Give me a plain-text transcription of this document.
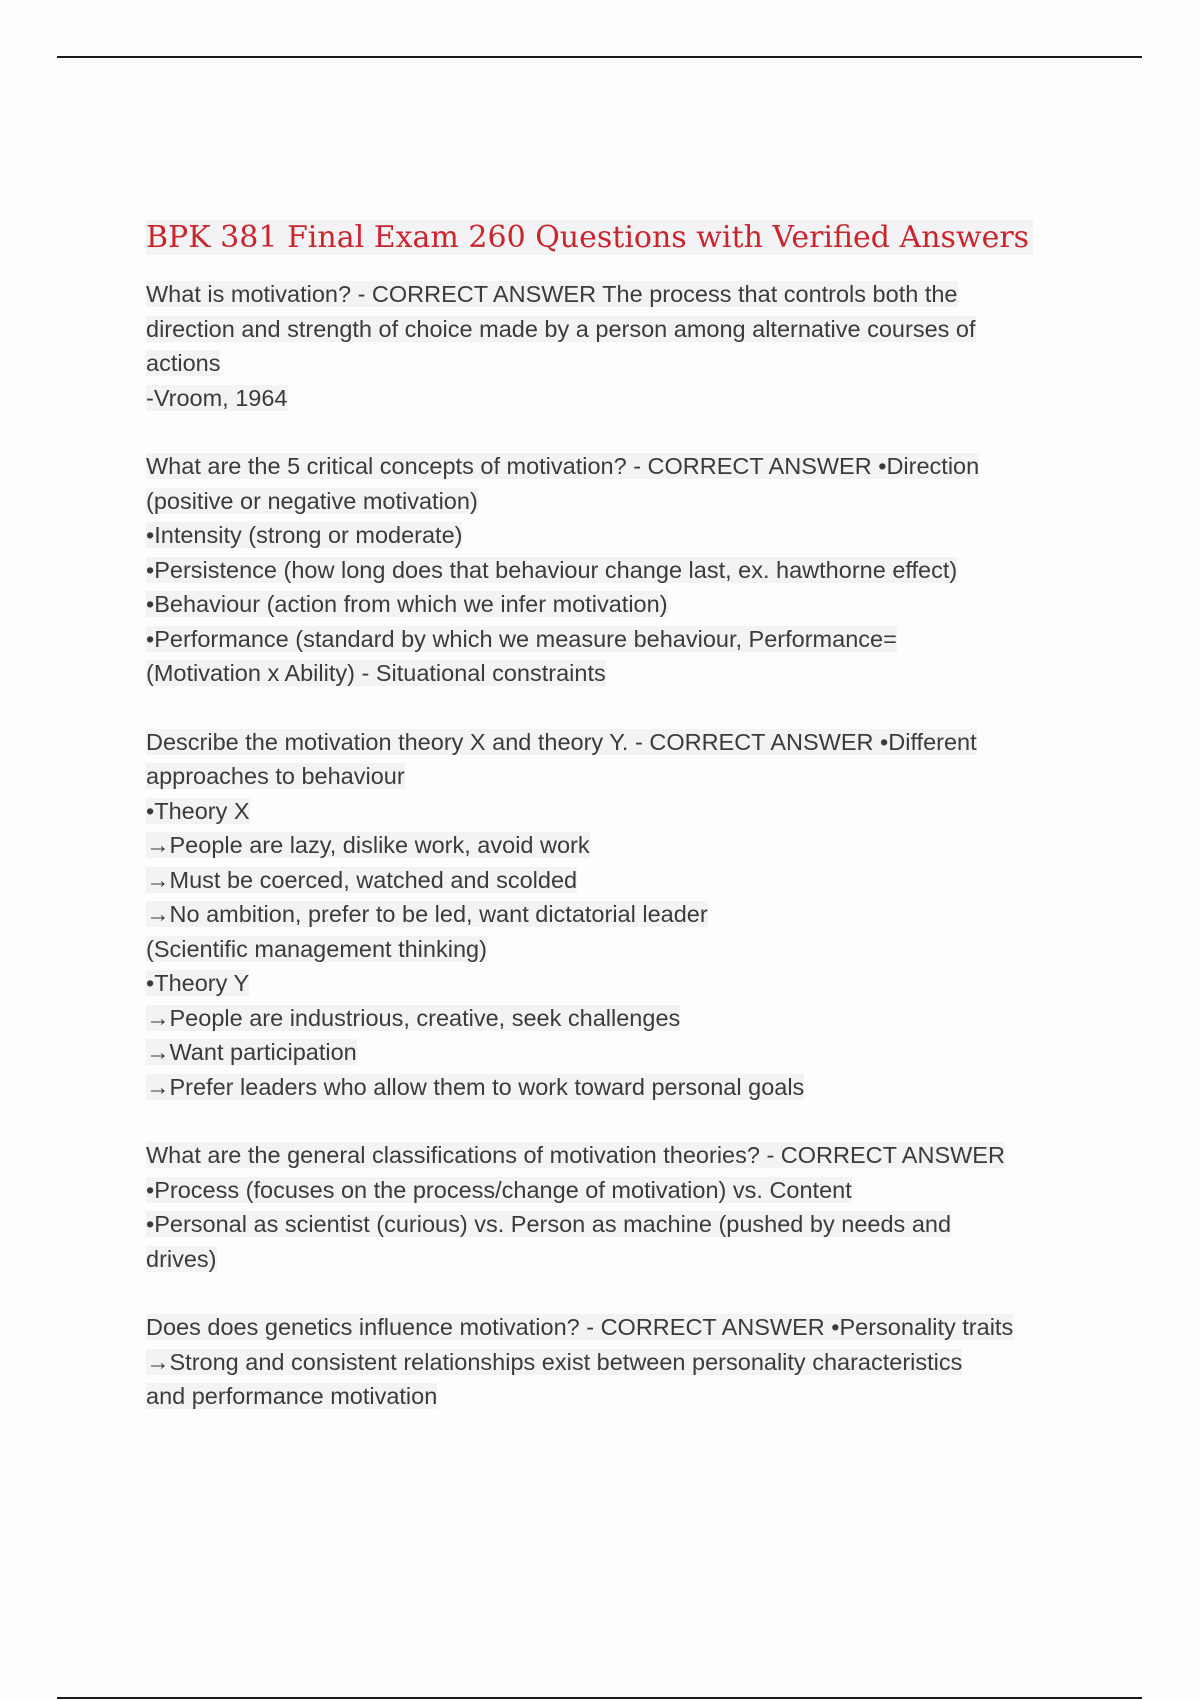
BPK 381 Final Exam 260 Questions with Verified Answers
What is motivation? - CORRECT ANSWER The process that controls both the
direction and strength of choice made by a person among alternative courses of
actions
-Vroom, 1964
What are the 5 critical concepts of motivation? - CORRECT ANSWER •Direction
(positive or negative motivation)
•Intensity (strong or moderate)
•Persistence (how long does that behaviour change last, ex. hawthorne effect)
•Behaviour (action from which we infer motivation)
•Performance (standard by which we measure behaviour, Performance=
(Motivation x Ability) - Situational constraints
Describe the motivation theory X and theory Y. - CORRECT ANSWER •Different
approaches to behaviour
•Theory X
→People are lazy, dislike work, avoid work
→Must be coerced, watched and scolded
→No ambition, prefer to be led, want dictatorial leader
(Scientific management thinking)
•Theory Y
→People are industrious, creative, seek challenges
→Want participation
→Prefer leaders who allow them to work toward personal goals
What are the general classifications of motivation theories? - CORRECT ANSWER
•Process (focuses on the process/change of motivation) vs. Content
•Personal as scientist (curious) vs. Person as machine (pushed by needs and
drives)
Does does genetics influence motivation? - CORRECT ANSWER •Personality traits
→Strong and consistent relationships exist between personality characteristics
and performance motivation
